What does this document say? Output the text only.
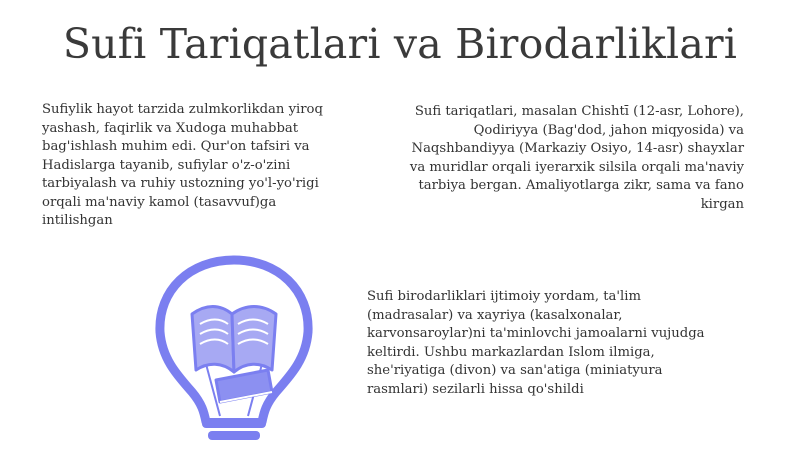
Sufi Tariqatlari va Birodarliklari

Sufiylik hayot tarzida zulmkorlikdan yiroq
yashash, faqirlik va Xudoga muhabbat
bag'ishlash muhim edi. Qur'on tafsiri va
Hadislarga tayanib, sufiylar o'z-o'zini
tarbiyalash va ruhiy ustozning yo'l-yo'rigi
orqali ma'naviy kamol (tasavvuf)ga
intilishgan

Sufi tariqatlari, masalan Chishtī (12-asr, Lohore),
Qodiriyya (Bag'dod, jahon miqyosida) va
Naqshbandiyya (Markaziy Osiyo, 14-asr) shayxlar
va muridlar orqali iyerarxik silsila orqali ma'naviy
tarbiya bergan. Amaliyotlarga zikr, sama va fano
kirgan

Sufi birodarliklari ijtimoiy yordam, ta'lim
(madrasalar) va xayriya (kasalxonalar,
karvonsaroylar)ni ta'minlovchi jamoalarni vujudga
keltirdi. Ushbu markazlardan Islom ilmiga,
she'riyatiga (divon) va san'atiga (miniatyura
rasmlari) sezilarli hissa qo'shildi
